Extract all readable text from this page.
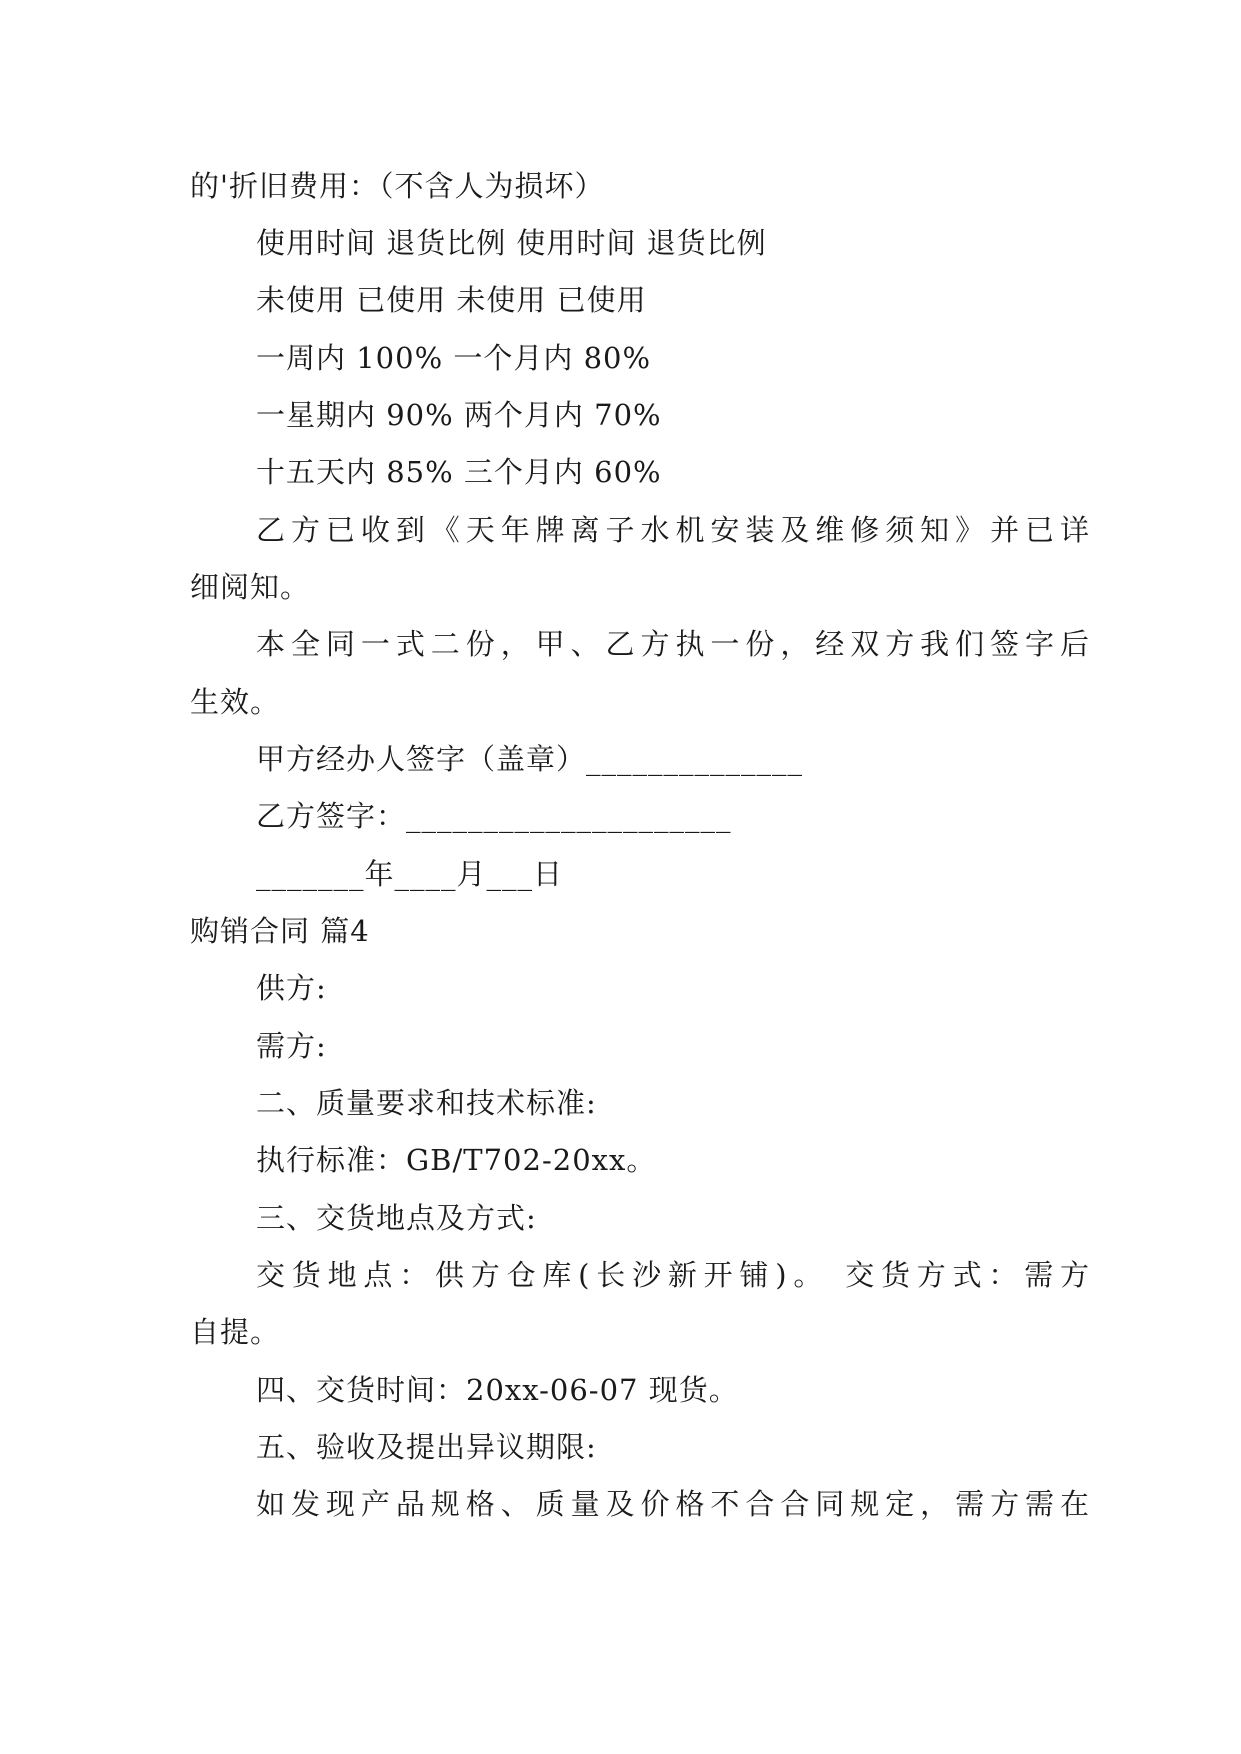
的'折旧费用：（不含人为损坏）
使用时间 退货比例 使用时间 退货比例
未使用 已使用 未使用 已使用
一周内 100% 一个月内 80%
一星期内 90% 两个月内 70%
十五天内 85% 三个月内 60%
乙方已收到《天年牌离子水机安装及维修须知》并已详
细阅知。
本全同一式二份，甲、乙方执一份，经双方我们签字后
生效。
甲方经办人签字（盖章）______________
乙方签字：_____________________
_______年____月___日
购销合同 篇4
供方:
需方:
二、质量要求和技术标准:
执行标准：GB/T702-20xx。
三、交货地点及方式:
交货地点：供方仓库(长沙新开铺)。 交货方式：需方
自提。
四、交货时间：20xx-06-07 现货。
五、验收及提出异议期限:
如发现产品规格、质量及价格不合合同规定，需方需在
